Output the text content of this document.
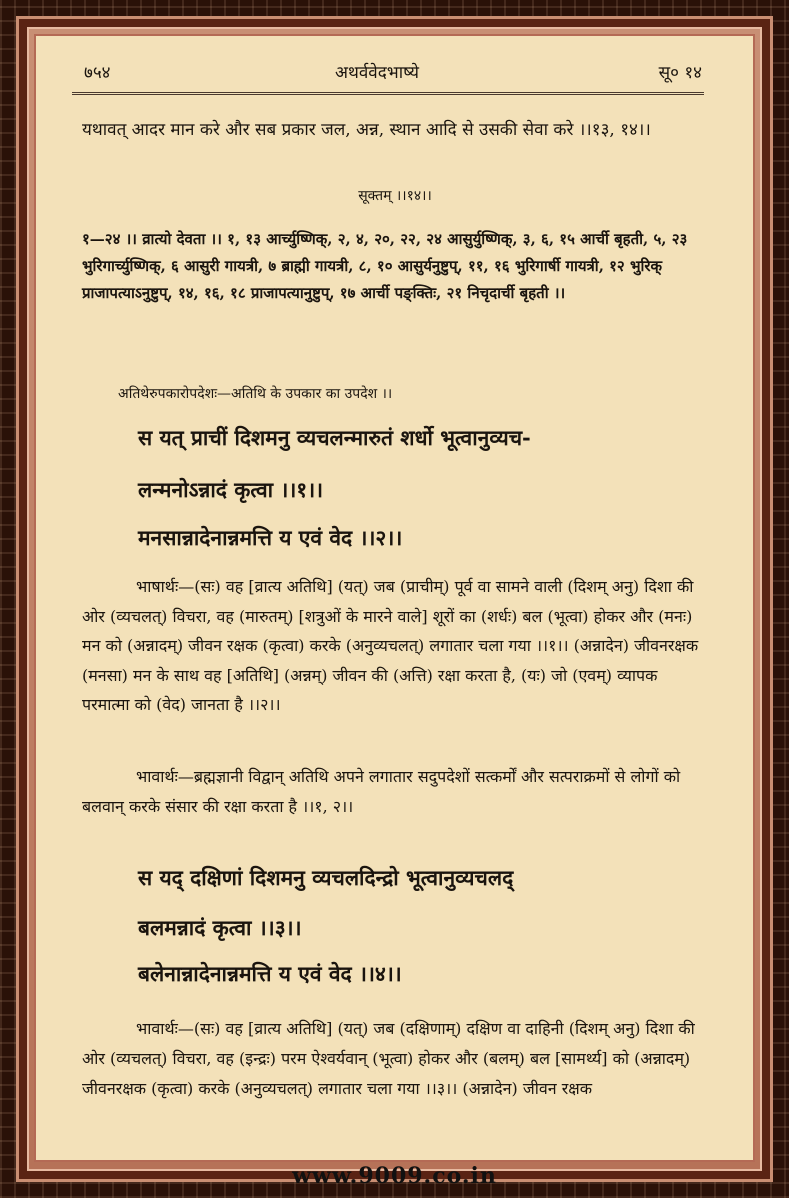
७५४	अथर्ववेदभाष्ये	सू० १४
यथावत् आदर मान करे और सब प्रकार जल, अन्न, स्थान आदि से उसकी सेवा करे ।।१३, १४।।
सूक्तम् ।।१४।।
१—२४ ।। व्रात्यो देवता ।। १, १३ आर्च्युष्णिक्, २, ४, २०, २२, २४ आसुर्युष्णिक्, ३, ६, १५ आर्ची बृहती, ५, २३ भुरिगार्च्युष्णिक्, ६ आसुरी गायत्री, ७ ब्राह्मी गायत्री, ८, १० आसुर्यनुष्टुप्, ११, १६ भुरिगार्षी गायत्री, १२ भुरिक् प्राजापत्याऽनुष्टुप्, १४, १६, १८ प्राजापत्यानुष्टुप्, १७ आर्ची पङ्क्तिः, २१ निचृदार्ची बृहती ।।
अतिथेरुपकारोपदेशः—अतिथि के उपकार का उपदेश ।।
स यत् प्राचीं दिशमनु व्यचलन्मारुतं शर्धो भूत्वानुव्यच-
लन्मनोऽन्नादं कृत्वा ।।१।।
मनसान्नादेनान्नमत्ति य एवं वेद ।।२।।
भाषार्थः—(सः) वह [व्रात्य अतिथि] (यत्) जब (प्राचीम्) पूर्व वा सामने वाली (दिशम् अनु) दिशा की ओर (व्यचलत्) विचरा, वह (मारुतम्) [शत्रुओं के मारने वाले] शूरों का (शर्धः) बल (भूत्वा) होकर और (मनः) मन को (अन्नादम्) जीवन रक्षक (कृत्वा) करके (अनुव्यचलत्) लगातार चला गया ।।१।। (अन्नादेन) जीवनरक्षक (मनसा) मन के साथ वह [अतिथि] (अन्नम्) जीवन की (अत्ति) रक्षा करता है, (यः) जो (एवम्) व्यापक परमात्मा को (वेद) जानता है ।।२।।
भावार्थः—ब्रह्मज्ञानी विद्वान् अतिथि अपने लगातार सदुपदेशों सत्कर्मों और सत्पराक्रमों से लोगों को बलवान् करके संसार की रक्षा करता है ।।१, २।।
स यद् दक्षिणां दिशमनु व्यचलदिन्द्रो भूत्वानुव्यचलद्
बलमन्नादं कृत्वा ।।३।।
बलेनान्नादेनान्नमत्ति य एवं वेद ।।४।।
भावार्थः—(सः) वह [व्रात्य अतिथि] (यत्) जब (दक्षिणाम्) दक्षिण वा दाहिनी (दिशम् अनु) दिशा की ओर (व्यचलत्) विचरा, वह (इन्द्रः) परम ऐश्वर्यवान् (भूत्वा) होकर और (बलम्) बल [सामर्थ्य] को (अन्नादम्) जीवनरक्षक (कृत्वा) करके (अनुव्यचलत्) लगातार चला गया ।।३।। (अन्नादेन) जीवन रक्षक
www.9009.co.in
